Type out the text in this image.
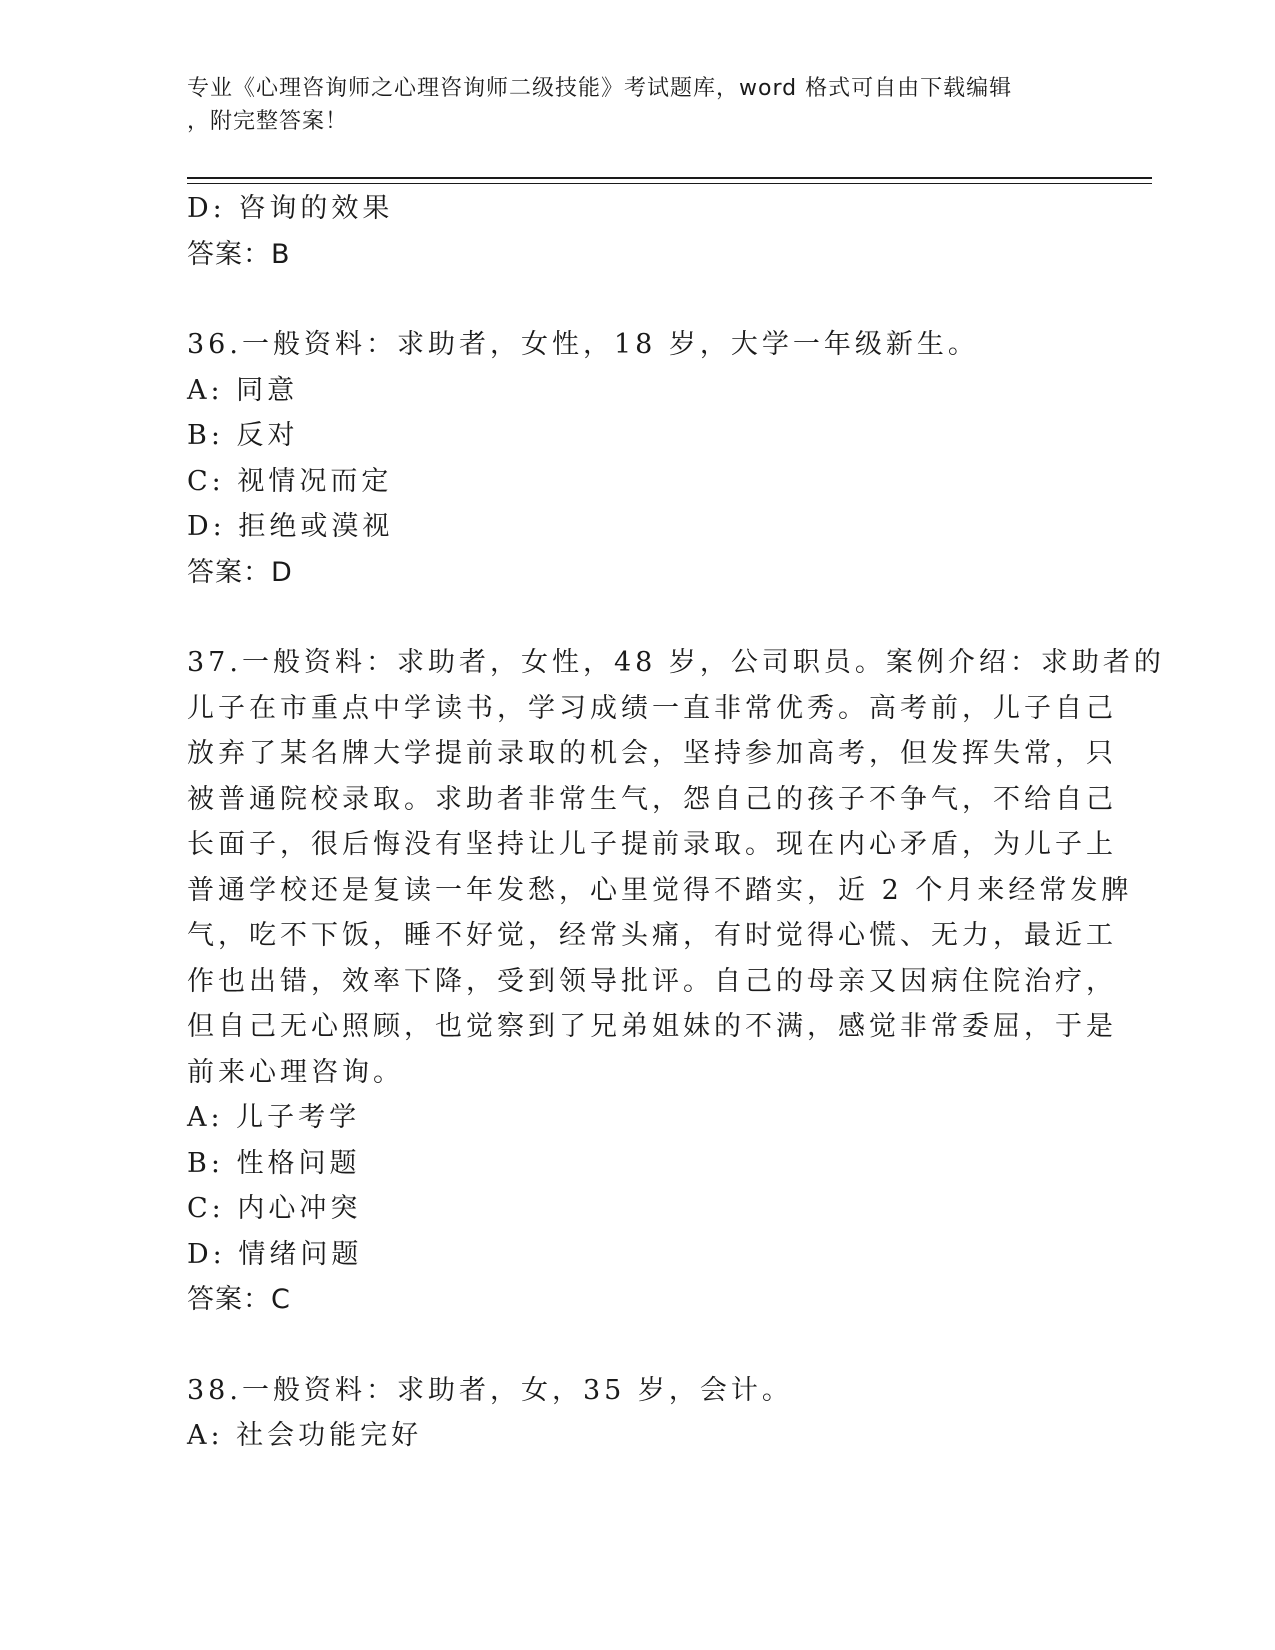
专业《心理咨询师之心理咨询师二级技能》考试题库，word 格式可自由下载编辑
，附完整答案！
D: 咨询的效果
答案：B
36.一般资料：求助者，女性，18 岁，大学一年级新生。
A: 同意
B: 反对
C: 视情况而定
D: 拒绝或漠视
答案：D
37.一般资料：求助者，女性，48 岁，公司职员。案例介绍：求助者的
儿子在市重点中学读书，学习成绩一直非常优秀。高考前，儿子自己
放弃了某名牌大学提前录取的机会，坚持参加高考，但发挥失常，只
被普通院校录取。求助者非常生气，怨自己的孩子不争气，不给自己
长面子，很后悔没有坚持让儿子提前录取。现在内心矛盾，为儿子上
普通学校还是复读一年发愁，心里觉得不踏实，近 2 个月来经常发脾
气，吃不下饭，睡不好觉，经常头痛，有时觉得心慌、无力，最近工
作也出错，效率下降，受到领导批评。自己的母亲又因病住院治疗，
但自己无心照顾，也觉察到了兄弟姐妹的不满，感觉非常委屈，于是
前来心理咨询。
A: 儿子考学
B: 性格问题
C: 内心冲突
D: 情绪问题
答案：C
38.一般资料：求助者，女，35 岁，会计。
A: 社会功能完好
